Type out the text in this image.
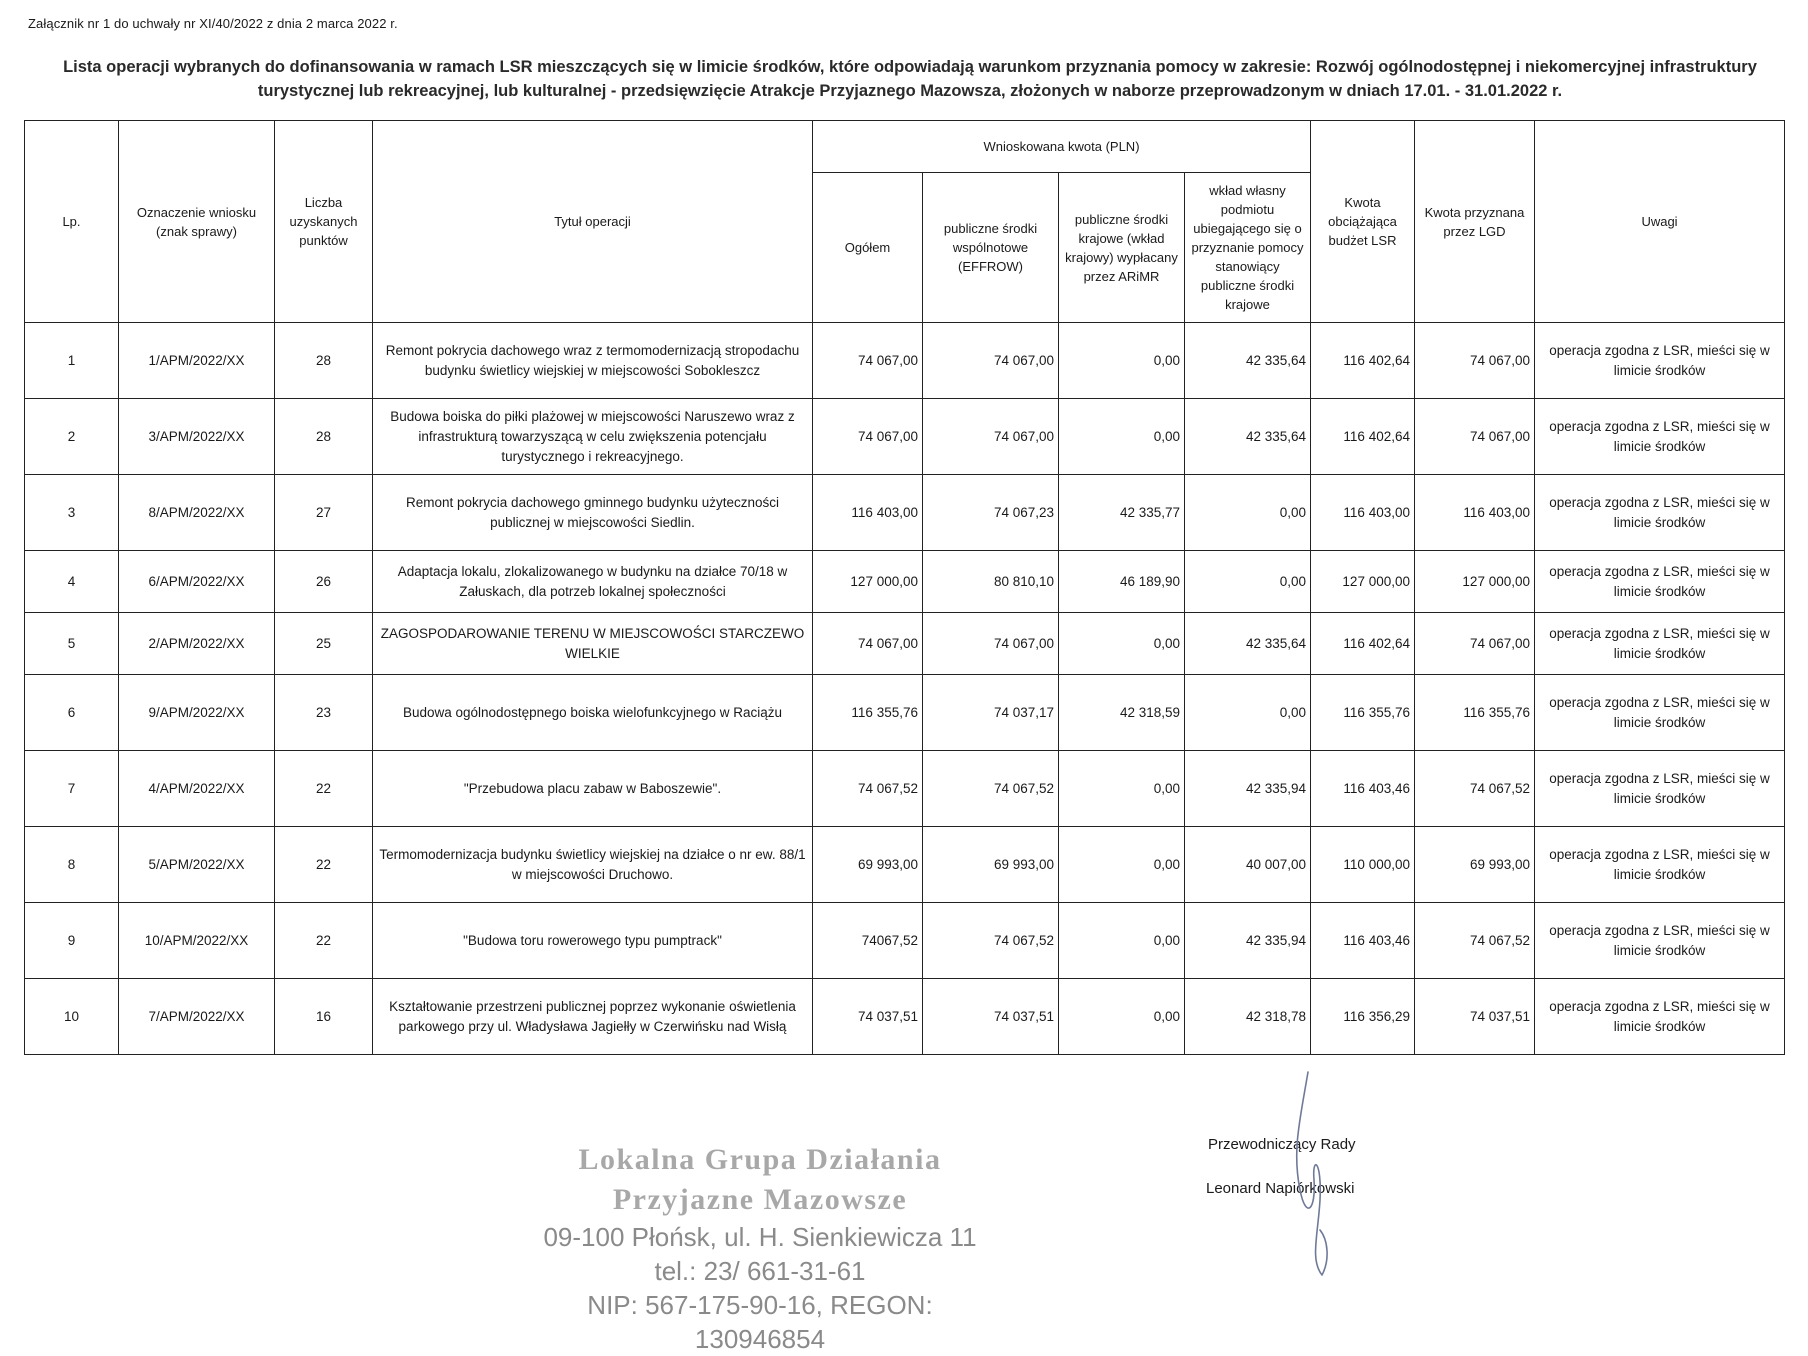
Załącznik nr 1 do uchwały nr XI/40/2022 z dnia 2 marca 2022 r.
Lista operacji wybranych do dofinansowania w ramach LSR mieszczących się w limicie środków, które odpowiadają warunkom przyznania pomocy w zakresie: Rozwój ogólnodostępnej i niekomercyjnej infrastruktury turystycznej lub rekreacyjnej, lub kulturalnej - przedsięwzięcie Atrakcje Przyjaznego Mazowsza, złożonych w naborze przeprowadzonym w dniach 17.01. - 31.01.2022 r.
Lp.	Oznaczenie wniosku (znak sprawy)	Liczba uzyskanych punktów	Tytuł operacji	Wnioskowana kwota (PLN)				Kwota obciążająca budżet LSR	Kwota przyznana przez LGD	Uwagi
				Ogółem	publiczne środki wspólnotowe (EFFROW)	publiczne środki krajowe (wkład krajowy) wypłacany przez ARiMR	wkład własny podmiotu ubiegającego się o przyznanie pomocy stanowiący publiczne środki krajowe			
1	1/APM/2022/XX	28	Remont pokrycia dachowego wraz z termomodernizacją stropodachu budynku świetlicy wiejskiej w miejscowości Sobokleszcz	74 067,00	74 067,00	0,00	42 335,64	116 402,64	74 067,00	operacja zgodna z LSR, mieści się w limicie środków
2	3/APM/2022/XX	28	Budowa boiska do piłki plażowej w miejscowości Naruszewo wraz z infrastrukturą towarzyszącą w celu zwiększenia potencjału turystycznego i rekreacyjnego.	74 067,00	74 067,00	0,00	42 335,64	116 402,64	74 067,00	operacja zgodna z LSR, mieści się w limicie środków
3	8/APM/2022/XX	27	Remont pokrycia dachowego gminnego budynku użyteczności publicznej w miejscowości Siedlin.	116 403,00	74 067,23	42 335,77	0,00	116 403,00	116 403,00	operacja zgodna z LSR, mieści się w limicie środków
4	6/APM/2022/XX	26	Adaptacja lokalu, zlokalizowanego w budynku na działce 70/18 w Załuskach, dla potrzeb lokalnej społeczności	127 000,00	80 810,10	46 189,90	0,00	127 000,00	127 000,00	operacja zgodna z LSR, mieści się w limicie środków
5	2/APM/2022/XX	25	ZAGOSPODAROWANIE TERENU W MIEJSCOWOŚCI STARCZEWO WIELKIE	74 067,00	74 067,00	0,00	42 335,64	116 402,64	74 067,00	operacja zgodna z LSR, mieści się w limicie środków
6	9/APM/2022/XX	23	Budowa ogólnodostępnego boiska wielofunkcyjnego w Raciążu	116 355,76	74 037,17	42 318,59	0,00	116 355,76	116 355,76	operacja zgodna z LSR, mieści się w limicie środków
7	4/APM/2022/XX	22	"Przebudowa placu zabaw w Baboszewie".	74 067,52	74 067,52	0,00	42 335,94	116 403,46	74 067,52	operacja zgodna z LSR, mieści się w limicie środków
8	5/APM/2022/XX	22	Termomodernizacja budynku świetlicy wiejskiej na działce o nr ew. 88/1 w miejscowości Druchowo.	69 993,00	69 993,00	0,00	40 007,00	110 000,00	69 993,00	operacja zgodna z LSR, mieści się w limicie środków
9	10/APM/2022/XX	22	"Budowa toru rowerowego typu pumptrack"	74067,52	74 067,52	0,00	42 335,94	116 403,46	74 067,52	operacja zgodna z LSR, mieści się w limicie środków
10	7/APM/2022/XX	16	Kształtowanie przestrzeni publicznej poprzez wykonanie oświetlenia parkowego przy ul. Władysława Jagiełły w Czerwińsku nad Wisłą	74 037,51	74 037,51	0,00	42 318,78	116 356,29	74 037,51	operacja zgodna z LSR, mieści się w limicie środków
Lokalna Grupa Działania
Przyjazne Mazowsze
09-100 Płońsk, ul. H. Sienkiewicza 11
tel.: 23/ 661-31-61
NIP: 567-175-90-16, REGON: 130946854
Przewodniczący Rady
Leonard Napiórkowski
